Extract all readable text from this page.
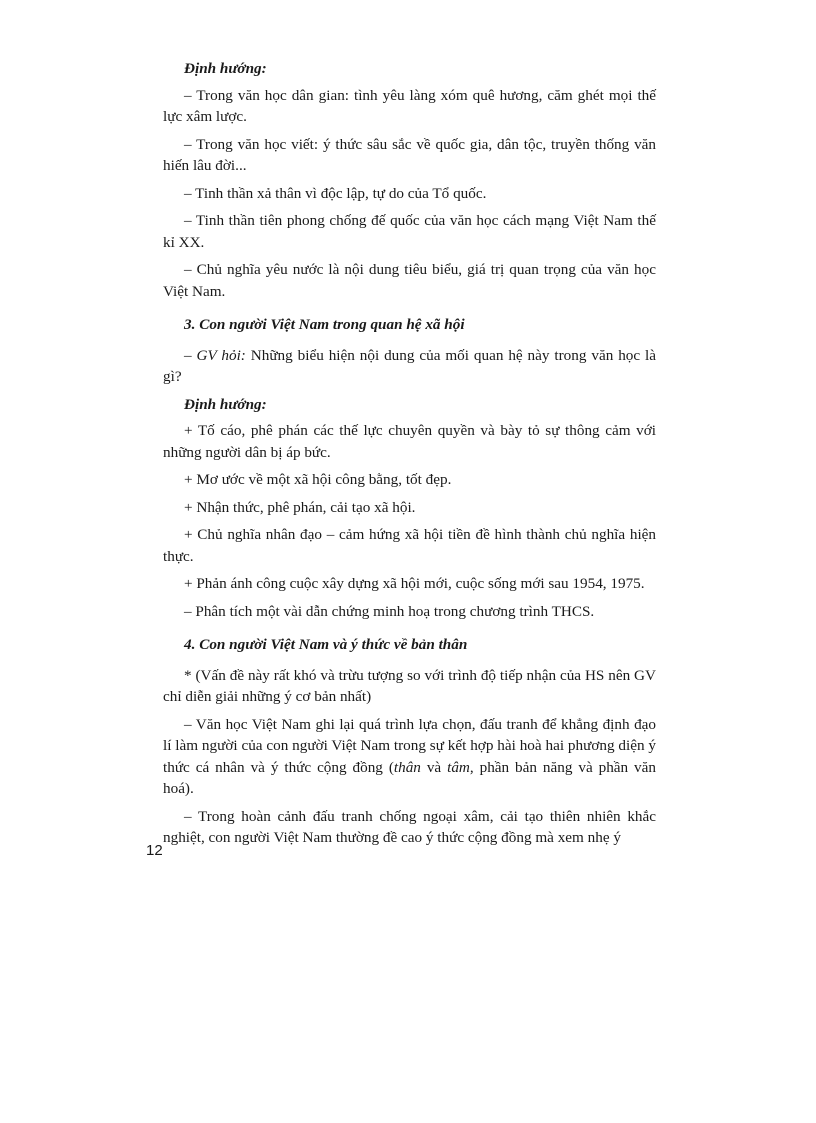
Định hướng:
– Trong văn học dân gian: tình yêu làng xóm quê hương, căm ghét mọi thế lực xâm lược.
– Trong văn học viết: ý thức sâu sắc về quốc gia, dân tộc, truyền thống văn hiến lâu đời...
– Tinh thần xả thân vì độc lập, tự do của Tổ quốc.
– Tinh thần tiên phong chống đế quốc của văn học cách mạng Việt Nam thế kỉ XX.
– Chủ nghĩa yêu nước là nội dung tiêu biểu, giá trị quan trọng của văn học Việt Nam.
3. Con người Việt Nam trong quan hệ xã hội
– GV hỏi: Những biểu hiện nội dung của mối quan hệ này trong văn học là gì?
Định hướng:
+ Tố cáo, phê phán các thế lực chuyên quyền và bày tỏ sự thông cảm với những người dân bị áp bức.
+ Mơ ước về một xã hội công bằng, tốt đẹp.
+ Nhận thức, phê phán, cải tạo xã hội.
+ Chủ nghĩa nhân đạo – cảm hứng xã hội tiền đề hình thành chủ nghĩa hiện thực.
+ Phản ánh công cuộc xây dựng xã hội mới, cuộc sống mới sau 1954, 1975.
– Phân tích một vài dẫn chứng minh hoạ trong chương trình THCS.
4. Con người Việt Nam và ý thức về bản thân
* (Vấn đề này rất khó và trừu tượng so với trình độ tiếp nhận của HS nên GV chỉ diễn giải những ý cơ bản nhất)
– Văn học Việt Nam ghi lại quá trình lựa chọn, đấu tranh để khẳng định đạo lí làm người của con người Việt Nam trong sự kết hợp hài hoà hai phương diện ý thức cá nhân và ý thức cộng đồng (thân và tâm, phần bản năng và phần văn hoá).
– Trong hoàn cảnh đấu tranh chống ngoại xâm, cải tạo thiên nhiên khắc nghiệt, con người Việt Nam thường đề cao ý thức cộng đồng mà xem nhẹ ý
12
